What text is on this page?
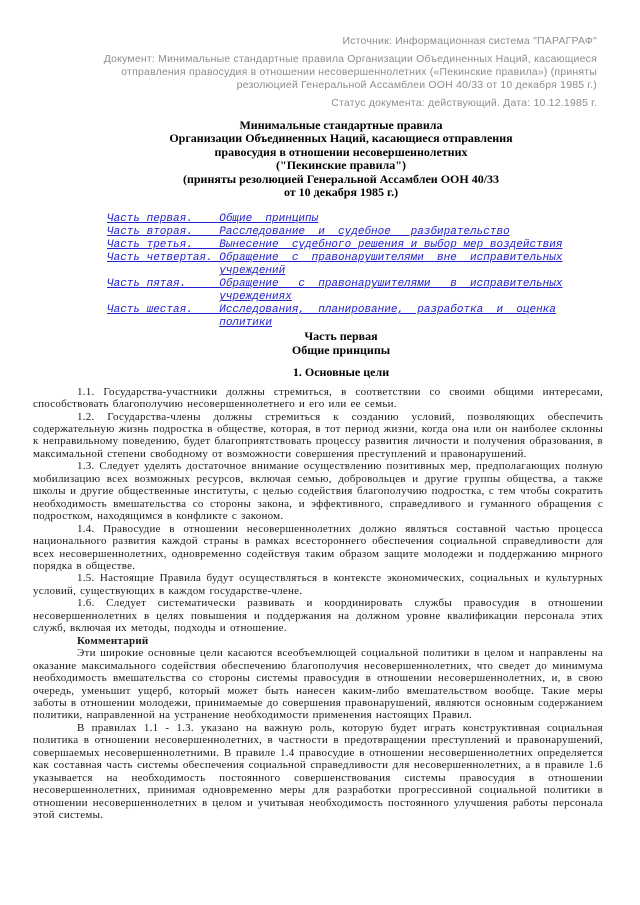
Источник: Информационная система "ПАРАГРАФ"
Документ: Минимальные стандартные правила Организации Объединенных Наций, касающиеся
отправления правосудия в отношении несовершеннолетних («Пекинские правила») (приняты
резолюцией Генеральной Ассамблеи ООН 40/33 от 10 декабря 1985 г.)
Статус документа: действующий. Дата: 10.12.1985 г.
Минимальные стандартные правила
Организации Объединенных Наций, касающиеся отправления
правосудия в отношении несовершеннолетних
("Пекинские правила")
(приняты резолюцией Генеральной Ассамблеи ООН 40/33
от 10 декабря 1985 г.)
Часть первая.    Общие  принципы
Часть вторая.    Расследование  и  судебное   разбирательство
Часть третья.    Вынесение  судебного решения и выбор мер воздействия
Часть четвертая. Обращение  с  правонарушителями  вне  исправительных
учреждений
Часть пятая.     Обращение   с  правонарушителями   в  исправительных
учреждениях
Часть шестая.    Исследования,  планирование,  разработка  и  оценка
политики
Часть первая
Общие принципы
1. Основные цели

1.1. Государства-участники должны стремиться, в соответствии со своими общими интересами, способствовать благополучию несовершеннолетнего и его или ее семьи.

1.2. Государства-члены должны стремиться к созданию условий, позволяющих обеспечить содержательную жизнь подростка в обществе, которая, в тот период жизни, когда она или он наиболее склонны к неправильному поведению, будет благоприятствовать процессу развития личности и получения образования, в максимальной степени свободному от возможности совершения преступлений и правонарушений.

1.3. Следует уделять достаточное внимание осуществлению позитивных мер, предполагающих полную мобилизацию всех возможных ресурсов, включая семью, добровольцев и другие группы общества, а также школы и другие общественные институты, с целью содействия благополучию подростка, с тем чтобы сократить необходимость вмешательства со стороны закона, и эффективного, справедливого и гуманного обращения с подростком, находящимся в конфликте с законом.

1.4. Правосудие в отношении несовершеннолетних должно являться составной частью процесса национального развития каждой страны в рамках всестороннего обеспечения социальной справедливости для всех несовершеннолетних, одновременно содействуя таким образом защите молодежи и поддержанию мирного порядка в обществе.

1.5. Настоящие Правила будут осуществляться в контексте экономических, социальных и культурных условий, существующих в каждом государстве-члене.

1.6. Следует систематически развивать и координировать службы правосудия в отношении несовершеннолетних в целях повышения и поддержания на должном уровне квалификации персонала этих служб, включая их методы, подходы и отношение.

Комментарий

Эти широкие основные цели касаются всеобъемлющей социальной политики в целом и направлены на оказание максимального содействия обеспечению благополучия несовершеннолетних, что сведет до минимума необходимость вмешательства со стороны системы правосудия в отношении несовершеннолетних, и, в свою очередь, уменьшит ущерб, который может быть нанесен каким-либо вмешательством вообще. Такие меры заботы в отношении молодежи, принимаемые до совершения правонарушений, являются основным содержанием политики, направленной на устранение необходимости применения настоящих Правил.

В правилах 1.1 - 1.3. указано на важную роль, которую будет играть конструктивная социальная политика в отношении несовершеннолетних, в частности в предотвращении преступлений и правонарушений, совершаемых несовершеннолетними. В правиле 1.4 правосудие в отношении несовершеннолетних определяется как составная часть системы обеспечения социальной справедливости для несовершеннолетних, а в правиле 1.6 указывается на необходимость постоянного совершенствования системы правосудия в отношении несовершеннолетних, принимая одновременно меры для разработки прогрессивной социальной политики в отношении несовершеннолетних в целом и учитывая необходимость постоянного улучшения работы персонала этой системы.
